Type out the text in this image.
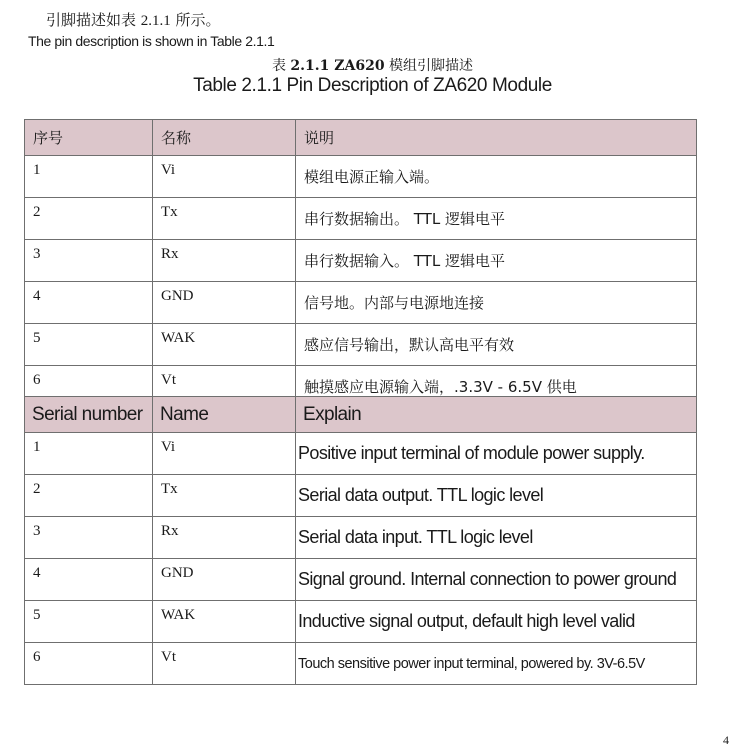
引脚描述如表 2.1.1 所示。
The pin description is shown in Table 2.1.1
表 2.1.1 ZA620 模组引脚描述
Table 2.1.1 Pin Description of ZA620 Module
序号	名称	说明
1	Vi	模组电源正输入端。
2	Tx	串行数据输出。 TTL 逻辑电平
3	Rx	串行数据输入。 TTL 逻辑电平
4	GND	信号地。内部与电源地连接
5	WAK	感应信号输出，默认高电平有效
6	Vt	触摸感应电源输入端，.3.3V - 6.5V 供电
Serial number	Name	Explain
1	Vi	Positive input terminal of module power supply.
2	Tx	Serial data output. TTL logic level
3	Rx	Serial data input. TTL logic level
4	GND	Signal ground. Internal connection to power ground
5	WAK	Inductive signal output, default high level valid
6	Vt	Touch sensitive power input terminal, powered by. 3V-6.5V
4
